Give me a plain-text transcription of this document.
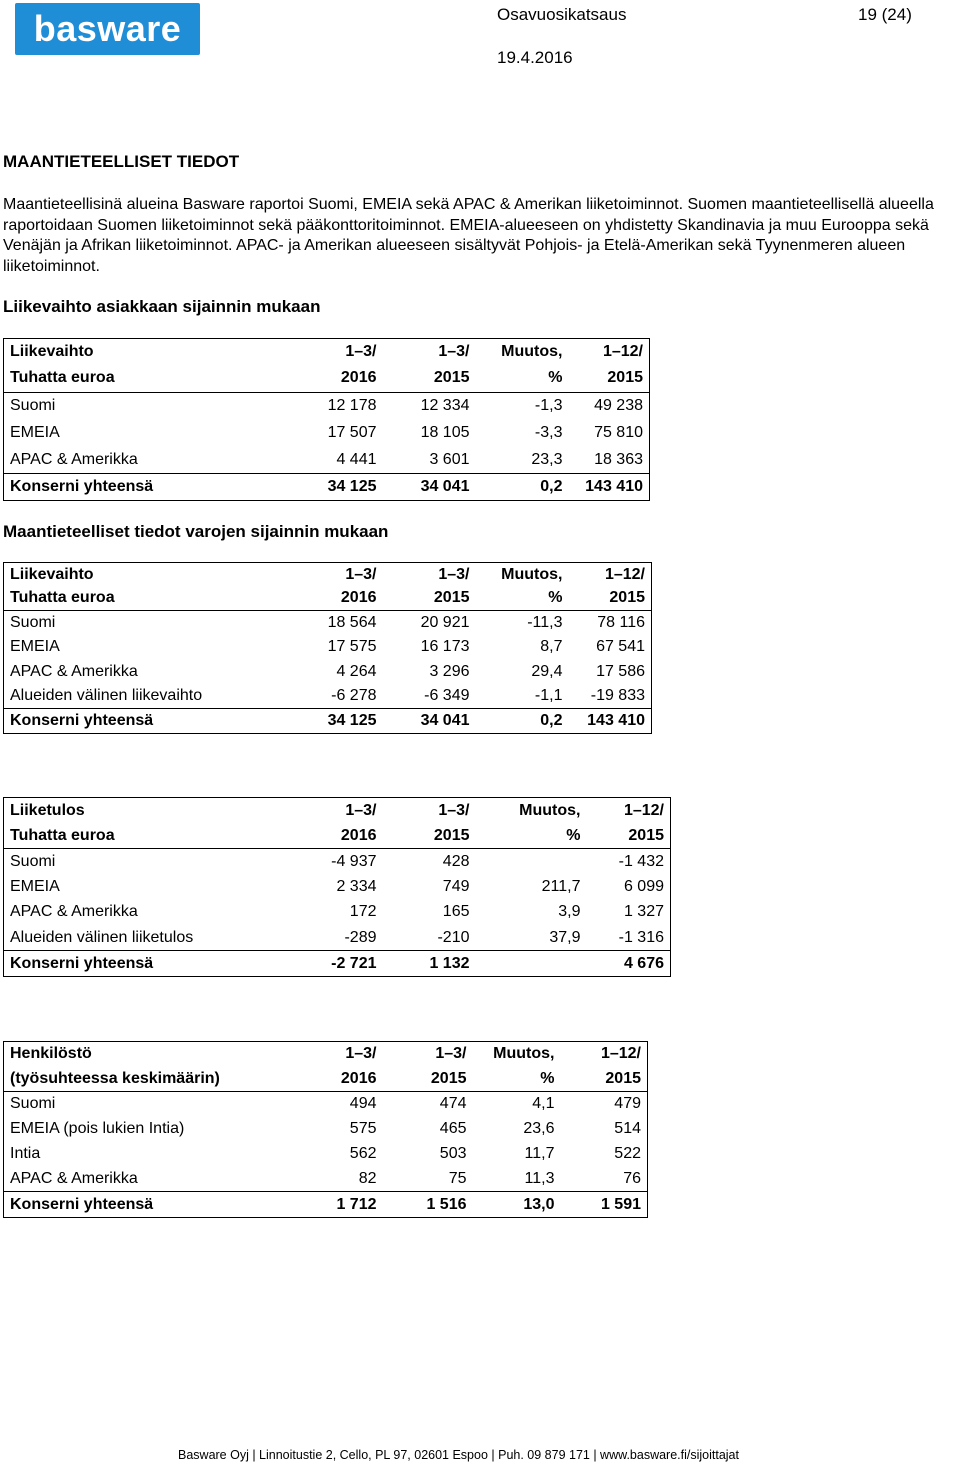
basware	Osavuosikatsaus	19 (24)
19.4.2016
MAANTIETEELLISET TIEDOT
Maantieteellisinä alueina Basware raportoi Suomi, EMEIA sekä APAC & Amerikan liiketoiminnot. Suomen maantieteellisellä alueella raportoidaan Suomen liiketoiminnot sekä pääkonttoritoiminnot. EMEIA-alueeseen on yhdistetty Skandinavia ja muu Eurooppa sekä Venäjän ja Afrikan liiketoiminnot. APAC- ja Amerikan alueeseen sisältyvät Pohjois- ja Etelä-Amerikan sekä Tyynenmeren alueen liiketoiminnot.
Liikevaihto asiakkaan sijainnin mukaan
Liikevaihto	1–3/	1–3/	Muutos,	1–12/
Tuhatta euroa	2016	2015	%	2015
Suomi	12 178	12 334	-1,3	49 238
EMEIA	17 507	18 105	-3,3	75 810
APAC & Amerikka	4 441	3 601	23,3	18 363
Konserni yhteensä	34 125	34 041	0,2	143 410
Maantieteelliset tiedot varojen sijainnin mukaan
Liikevaihto	1–3/	1–3/	Muutos,	1–12/
Tuhatta euroa	2016	2015	%	2015
Suomi	18 564	20 921	-11,3	78 116
EMEIA	17 575	16 173	8,7	67 541
APAC & Amerikka	4 264	3 296	29,4	17 586
Alueiden välinen liikevaihto	-6 278	-6 349	-1,1	-19 833
Konserni yhteensä	34 125	34 041	0,2	143 410
Liiketulos	1–3/	1–3/	Muutos,	1–12/
Tuhatta euroa	2016	2015	%	2015
Suomi	-4 937	428		-1 432
EMEIA	2 334	749	211,7	6 099
APAC & Amerikka	172	165	3,9	1 327
Alueiden välinen liiketulos	-289	-210	37,9	-1 316
Konserni yhteensä	-2 721	1 132		4 676
Henkilöstö	1–3/	1–3/	Muutos,	1–12/
(työsuhteessa keskimäärin)	2016	2015	%	2015
Suomi	494	474	4,1	479
EMEIA (pois lukien Intia)	575	465	23,6	514
Intia	562	503	11,7	522
APAC & Amerikka	82	75	11,3	76
Konserni yhteensä	1 712	1 516	13,0	1 591
Basware Oyj | Linnoitustie 2, Cello, PL 97, 02601 Espoo | Puh. 09 879 171 | www.basware.fi/sijoittajat
